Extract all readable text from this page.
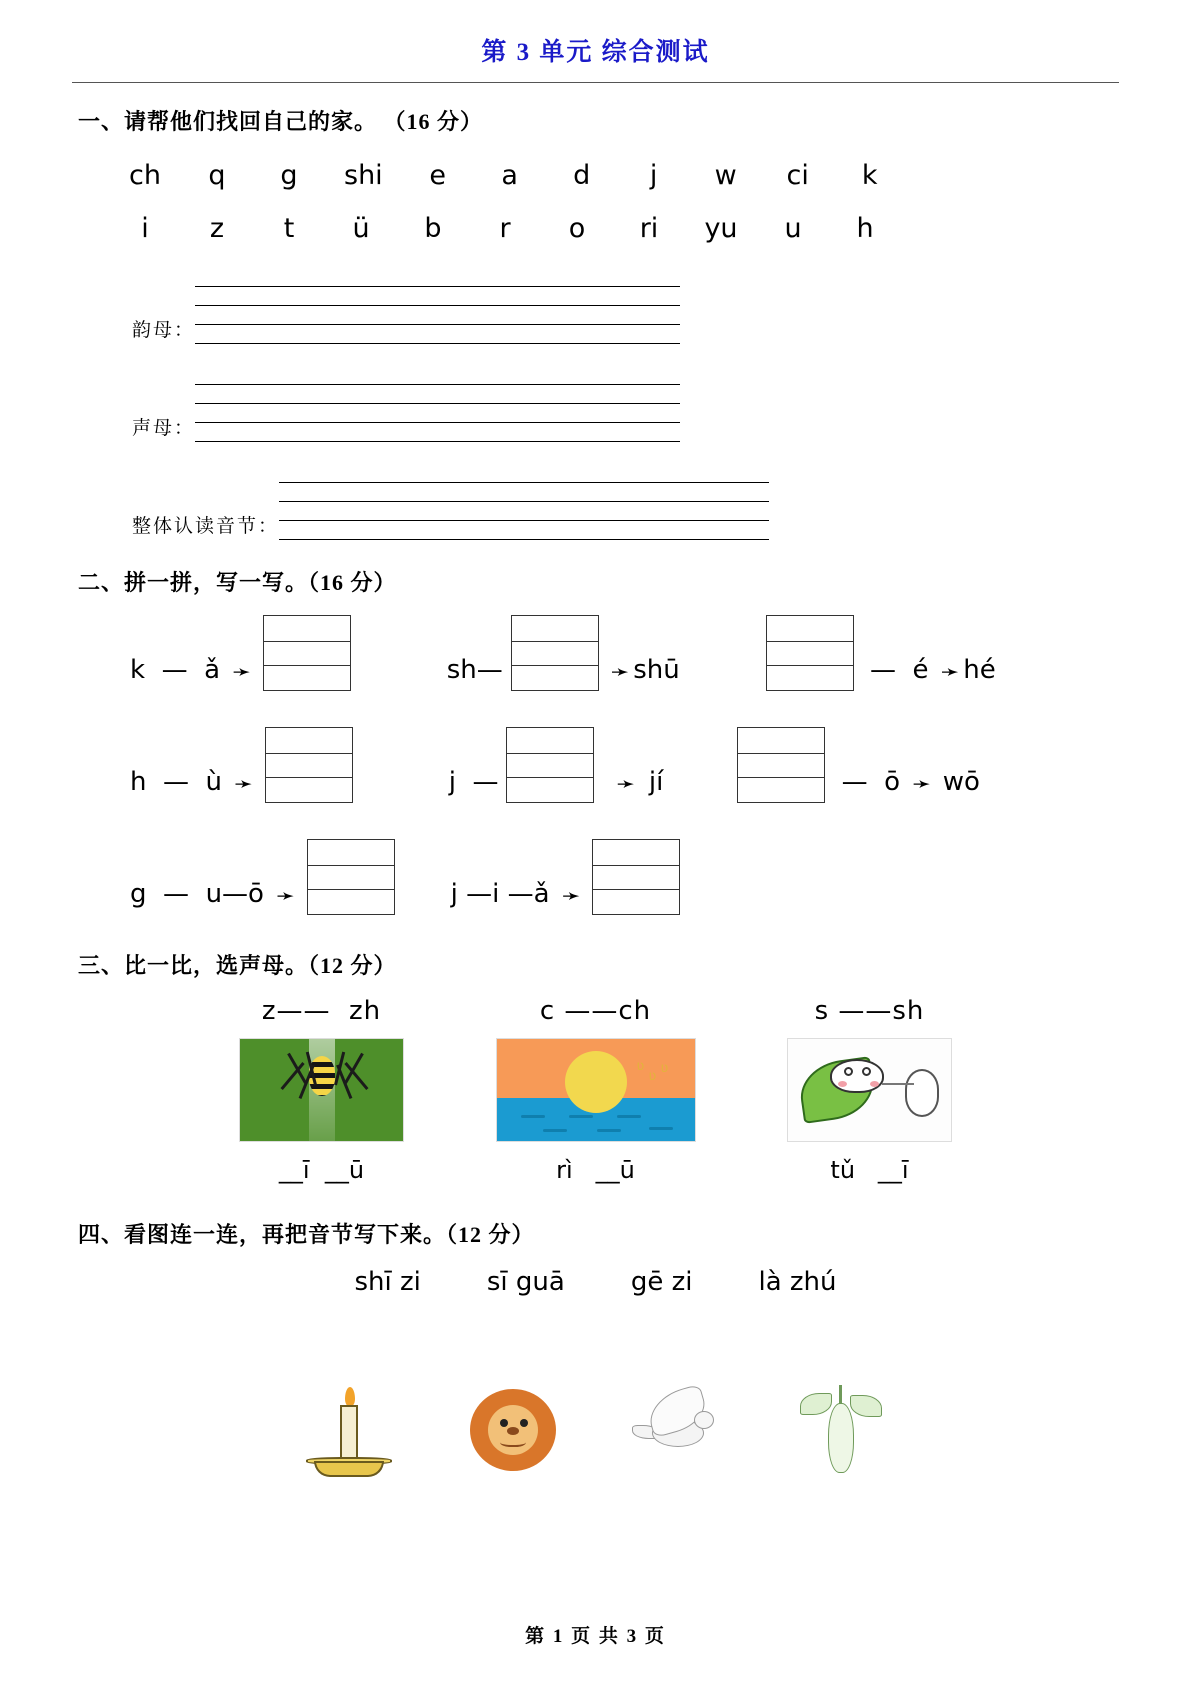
第 3 单元 综合测试
一、请帮他们找回自己的家。 （16 分）
ch	q	g	shi	e	a	d	j	w ci	k
i	z	t	ü	b	r	o	ri yu	u	h
韵母：
声母：
整体认读音节：
二、拼一拼，写一写。（16 分）
k  —  ǎ ➛	sh—	➛ shū	—  é ➛ hé
h  —  ù ➛	j  —	➛ jí	—  ō ➛ wō
g  —  u—ō ➛	j —i —ǎ ➛
三、比一比，选声母。（12 分）
z——  zh
__ī  __ū
c ——ch
ʋ
ʋ
ʋ
rì   __ū
s ——sh
tǔ   __ī
四、看图连一连，再把音节写下来。（12 分）
shī zi	sī guā	gē zi	là zhú
第 1 页 共 3 页
